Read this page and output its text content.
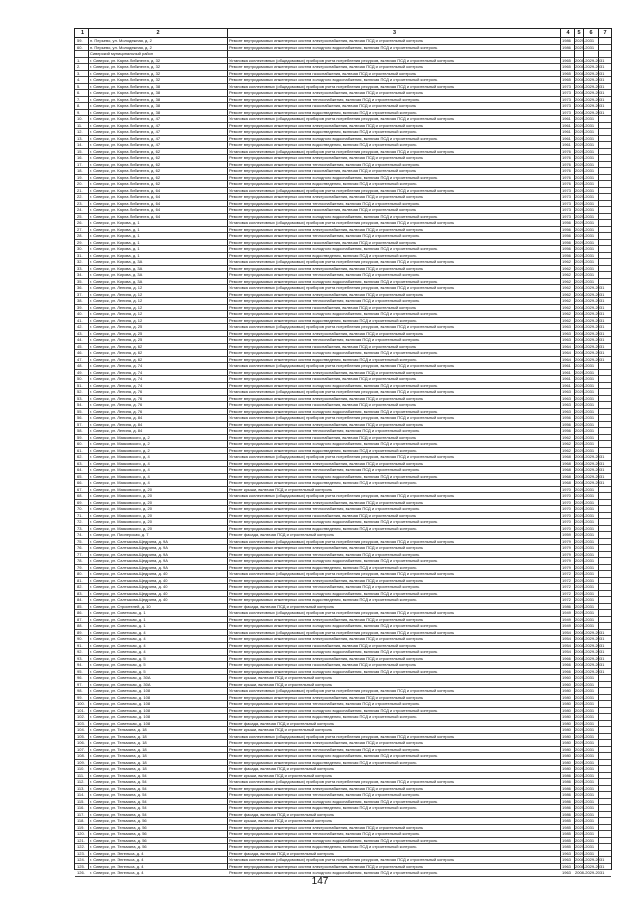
1	2	3	4	5	6	7
59.	п. Перьево, ул. Молодежная, д. 2	Ремонт внутридомовых инженерных систем электроснабжения, включая ПСД и строительный контроль	1986	2029-2031
60.	п. Перьево, ул. Молодежная, д. 2	Ремонт внутридомовых инженерных систем холодного водоснабжения, включая ПСД и строительный контроль	1986	2029-2031
Сиверский муниципальный район
1.	г. Сиверск, ул. Карла Либкнехта, д. 32	Установка коллективных (общедомовых) приборов учета потребления ресурсов, включая ПСД и строительный контроль	1965	2008-2029-2031
2.	г. Сиверск, ул. Карла Либкнехта, д. 32	Ремонт внутридомовых инженерных систем электроснабжения, включая ПСД и строительный контроль	1965	2008-2029-2031
3.	г. Сиверск, ул. Карла Либкнехта, д. 32	Ремонт внутридомовых инженерных систем газоснабжения, включая ПСД и строительный контроль	1965	2008-2029-2031
4.	г. Сиверск, ул. Карла Либкнехта, д. 32	Ремонт внутридомовых инженерных систем холодного водоснабжения, включая ПСД и строительный контроль	1965	2008-2029-2031
5.	г. Сиверск, ул. Карла Либкнехта, д. 38	Установка коллективных (общедомовых) приборов учета потребления ресурсов, включая ПСД и строительный контроль	1973	2008-2029-2031
6.	г. Сиверск, ул. Карла Либкнехта, д. 38	Ремонт внутридомовых инженерных систем электроснабжения, включая ПСД и строительный контроль	1973	2008-2029-2031
7.	г. Сиверск, ул. Карла Либкнехта, д. 38	Ремонт внутридомовых инженерных систем теплоснабжения, включая ПСД и строительный контроль	1973	2008-2029-2031
8.	г. Сиверск, ул. Карла Либкнехта, д. 38	Ремонт внутридомовых инженерных систем газоснабжения, включая ПСД и строительный контроль	1973	2008-2029-2031
9.	г. Сиверск, ул. Карла Либкнехта, д. 38	Ремонт внутридомовых инженерных систем водоотведения, включая ПСД и строительный контроль	1973	2008-2029-2031
10.	г. Сиверск, ул. Карла Либкнехта, д. 47	Установка коллективных (общедомовых) приборов учета потребления ресурсов, включая ПСД и строительный контроль	1961	2029-2031
11.	г. Сиверск, ул. Карла Либкнехта, д. 47	Ремонт внутридомовых инженерных систем электроснабжения, включая ПСД и строительный контроль	1961	2029-2031
12.	г. Сиверск, ул. Карла Либкнехта, д. 47	Ремонт внутридомовых инженерных систем водоотведения, включая ПСД и строительный контроль	1961	2029-2031
13.	г. Сиверск, ул. Карла Либкнехта, д. 47	Ремонт внутридомовых инженерных систем холодного водоснабжения, включая ПСД и строительный контроль	1961	2029-2031
14.	г. Сиверск, ул. Карла Либкнехта, д. 47	Ремонт внутридомовых инженерных систем водоотведения, включая ПСД и строительный контроль	1961	2029-2031
15.	г. Сиверск, ул. Карла Либкнехта, д. 62	Установка коллективных (общедомовых) приборов учета потребления ресурсов, включая ПСД и строительный контроль	1976	2029-2031
16.	г. Сиверск, ул. Карла Либкнехта, д. 62	Ремонт внутридомовых инженерных систем электроснабжения, включая ПСД и строительный контроль	1976	2029-2031
17.	г. Сиверск, ул. Карла Либкнехта, д. 62	Ремонт внутридомовых инженерных систем теплоснабжения, включая ПСД и строительный контроль	1976	2029-2031
18.	г. Сиверск, ул. Карла Либкнехта, д. 62	Ремонт внутридомовых инженерных систем газоснабжения, включая ПСД и строительный контроль	1976	2029-2031
19.	г. Сиверск, ул. Карла Либкнехта, д. 62	Ремонт внутридомовых инженерных систем холодного водоснабжения, включая ПСД и строительный контроль	1976	2029-2031
20.	г. Сиверск, ул. Карла Либкнехта, д. 62	Ремонт внутридомовых инженерных систем водоотведения, включая ПСД и строительный контроль	1976	2029-2031
21.	г. Сиверск, ул. Карла Либкнехта, д. 64	Установка коллективных (общедомовых) приборов учета потребления ресурсов, включая ПСД и строительный контроль	1973	2029-2031
22.	г. Сиверск, ул. Карла Либкнехта, д. 64	Ремонт внутридомовых инженерных систем электроснабжения, включая ПСД и строительный контроль	1973	2029-2031
23.	г. Сиверск, ул. Карла Либкнехта, д. 64	Ремонт внутридомовых инженерных систем теплоснабжения, включая ПСД и строительный контроль	1973	2029-2031
24.	г. Сиверск, ул. Карла Либкнехта, д. 64	Ремонт внутридомовых инженерных систем газоснабжения, включая ПСД и строительный контроль	1973	2029-2031
25.	г. Сиверск, ул. Карла Либкнехта, д. 64	Ремонт внутридомовых инженерных систем холодного водоснабжения, включая ПСД и строительный контроль	1973	2029-2031
26.	г. Сиверск, ул. Кирова, д. 1	Установка коллективных (общедомовых) приборов учета потребления ресурсов, включая ПСД и строительный контроль	1956	2029-2031
27.	г. Сиверск, ул. Кирова, д. 1	Ремонт внутридомовых инженерных систем электроснабжения, включая ПСД и строительный контроль	1956	2029-2031
28.	г. Сиверск, ул. Кирова, д. 1	Ремонт внутридомовых инженерных систем теплоснабжения, включая ПСД и строительный контроль	1956	2029-2031
29.	г. Сиверск, ул. Кирова, д. 1	Ремонт внутридомовых инженерных систем газоснабжения, включая ПСД и строительный контроль	1956	2029-2031
30.	г. Сиверск, ул. Кирова, д. 1	Ремонт внутридомовых инженерных систем холодного водоснабжения, включая ПСД и строительный контроль	1956	2029-2031
31.	г. Сиверск, ул. Кирова, д. 1	Ремонт внутридомовых инженерных систем водоотведения, включая ПСД и строительный контроль	1956	2029-2031
32.	г. Сиверск, ул. Кирова, д. 3А	Установка коллективных (общедомовых) приборов учета потребления ресурсов, включая ПСД и строительный контроль	1962	2029-2031
33.	г. Сиверск, ул. Кирова, д. 3А	Ремонт внутридомовых инженерных систем электроснабжения, включая ПСД и строительный контроль	1962	2029-2031
34.	г. Сиверск, ул. Кирова, д. 3А	Ремонт внутридомовых инженерных систем теплоснабжения, включая ПСД и строительный контроль	1962	2029-2031
35.	г. Сиверск, ул. Кирова, д. 3А	Ремонт внутридомовых инженерных систем холодного водоснабжения, включая ПСД и строительный контроль	1962	2029-2031
36.	г. Сиверск, ул. Ленина, д. 12	Установка коллективных (общедомовых) приборов учета потребления ресурсов, включая ПСД и строительный контроль	1962	2008-2029-2031
37.	г. Сиверск, ул. Ленина, д. 12	Ремонт внутридомовых инженерных систем электроснабжения, включая ПСД и строительный контроль	1962	2008-2029-2031
38.	г. Сиверск, ул. Ленина, д. 12	Ремонт внутридомовых инженерных систем теплоснабжения, включая ПСД и строительный контроль	1962	2008-2029-2031
39.	г. Сиверск, ул. Ленина, д. 12	Ремонт внутридомовых инженерных систем газоснабжения, включая ПСД и строительный контроль	1962	2008-2029-2031
40.	г. Сиверск, ул. Ленина, д. 12	Ремонт внутридомовых инженерных систем холодного водоснабжения, включая ПСД и строительный контроль	1962	2008-2029-2031
41.	г. Сиверск, ул. Ленина, д. 12	Ремонт внутридомовых инженерных систем водоотведения, включая ПСД и строительный контроль	1962	2008-2029-2031
42.	г. Сиверск, ул. Ленина, д. 25	Установка коллективных (общедомовых) приборов учета потребления ресурсов, включая ПСД и строительный контроль	1963	2008-2029-2031
43.	г. Сиверск, ул. Ленина, д. 25	Ремонт внутридомовых инженерных систем электроснабжения, включая ПСД и строительный контроль	1963	2008-2029-2031
44.	г. Сиверск, ул. Ленина, д. 25	Ремонт внутридомовых инженерных систем теплоснабжения, включая ПСД и строительный контроль	1963	2008-2029-2031
45.	г. Сиверск, ул. Ленина, д. 62	Ремонт внутридомовых инженерных систем газоснабжения, включая ПСД и строительный контроль	1964	2008-2029-2031
46.	г. Сиверск, ул. Ленина, д. 62	Ремонт внутридомовых инженерных систем холодного водоснабжения, включая ПСД и строительный контроль	1964	2008-2029-2031
47.	г. Сиверск, ул. Ленина, д. 62	Ремонт внутридомовых инженерных систем водоотведения, включая ПСД и строительный контроль	1964	2008-2029-2031
48.	г. Сиверск, ул. Ленина, д. 74	Установка коллективных (общедомовых) приборов учета потребления ресурсов, включая ПСД и строительный контроль	1961	2029-2031
49.	г. Сиверск, ул. Ленина, д. 74	Ремонт внутридомовых инженерных систем электроснабжения, включая ПСД и строительный контроль	1961	2029-2031
50.	г. Сиверск, ул. Ленина, д. 74	Ремонт внутридомовых инженерных систем газоснабжения, включая ПСД и строительный контроль	1961	2029-2031
51.	г. Сиверск, ул. Ленина, д. 74	Ремонт внутридомовых инженерных систем холодного водоснабжения, включая ПСД и строительный контроль	1961	2029-2031
52.	г. Сиверск, ул. Ленина, д. 76	Установка коллективных (общедомовых) приборов учета потребления ресурсов, включая ПСД и строительный контроль	1963	2029-2031
53.	г. Сиверск, ул. Ленина, д. 76	Ремонт внутридомовых инженерных систем электроснабжения, включая ПСД и строительный контроль	1963	2029-2031
54.	г. Сиверск, ул. Ленина, д. 76	Ремонт внутридомовых инженерных систем газоснабжения, включая ПСД и строительный контроль	1963	2029-2031
55.	г. Сиверск, ул. Ленина, д. 76	Ремонт внутридомовых инженерных систем холодного водоснабжения, включая ПСД и строительный контроль	1963	2029-2031
56.	г. Сиверск, ул. Ленина, д. 84	Установка коллективных (общедомовых) приборов учета потребления ресурсов, включая ПСД и строительный контроль	1956	2029-2031
57.	г. Сиверск, ул. Ленина, д. 84	Ремонт внутридомовых инженерных систем электроснабжения, включая ПСД и строительный контроль	1956	2029-2031
58.	г. Сиверск, ул. Ленина, д. 84	Ремонт внутридомовых инженерных систем теплоснабжения, включая ПСД и строительный контроль	1956	2029-2031
59.	г. Сиверск, ул. Маяковского, д. 2	Ремонт внутридомовых инженерных систем газоснабжения, включая ПСД и строительный контроль	1962	2029-2031
60.	г. Сиверск, ул. Маяковского, д. 2	Ремонт внутридомовых инженерных систем холодного водоснабжения, включая ПСД и строительный контроль	1962	2029-2031
61.	г. Сиверск, ул. Маяковского, д. 2	Ремонт внутридомовых инженерных систем водоотведения, включая ПСД и строительный контроль	1962	2029-2031
62.	г. Сиверск, ул. Маяковского, д. 4	Установка коллективных (общедомовых) приборов учета потребления ресурсов, включая ПСД и строительный контроль	1968	2008-2029-2031
63.	г. Сиверск, ул. Маяковского, д. 4	Ремонт внутридомовых инженерных систем электроснабжения, включая ПСД и строительный контроль	1968	2008-2029-2031
64.	г. Сиверск, ул. Маяковского, д. 4	Ремонт внутридомовых инженерных систем теплоснабжения, включая ПСД и строительный контроль	1968	2008-2029-2031
65.	г. Сиверск, ул. Маяковского, д. 4	Ремонт внутридомовых инженерных систем холодного водоснабжения, включая ПСД и строительный контроль	1968	2008-2029-2031
66.	г. Сиверск, ул. Маяковского, д. 4	Ремонт внутридомовых инженерных систем водоотведения, включая ПСД и строительный контроль	1968	2008-2029-2031
67.	г. Сиверск, ул. Маяковского, д. 20	Ремонт крыши, включая ПСД и строительный контроль	1970	2029-2031
68.	г. Сиверск, ул. Маяковского, д. 20	Установка коллективных (общедомовых) приборов учета потребления ресурсов, включая ПСД и строительный контроль	1970	2029-2031
69.	г. Сиверск, ул. Маяковского, д. 20	Ремонт внутридомовых инженерных систем электроснабжения, включая ПСД и строительный контроль	1970	2029-2031
70.	г. Сиверск, ул. Маяковского, д. 20	Ремонт внутридомовых инженерных систем теплоснабжения, включая ПСД и строительный контроль	1970	2029-2031
71.	г. Сиверск, ул. Маяковского, д. 20	Ремонт внутридомовых инженерных систем газоснабжения, включая ПСД и строительный контроль	1970	2029-2031
72.	г. Сиверск, ул. Маяковского, д. 20	Ремонт внутридомовых инженерных систем холодного водоснабжения, включая ПСД и строительный контроль	1970	2029-2031
73.	г. Сиверск, ул. Маяковского, д. 20	Ремонт внутридомовых инженерных систем водоотведения, включая ПСД и строительный контроль	1970	2029-2031
74.	г. Сиверск, ул. Пионерская, д. 7	Ремонт фасада, включая ПСД и строительный контроль	1959	2029-2031
75.	г. Сиверск, ул. Салтыкова-Щедрина, д. 9А	Установка коллективных (общедомовых) приборов учета потребления ресурсов, включая ПСД и строительный контроль	1979	2029-2031
76.	г. Сиверск, ул. Салтыкова-Щедрина, д. 9А	Ремонт внутридомовых инженерных систем электроснабжения, включая ПСД и строительный контроль	1979	2029-2031
77.	г. Сиверск, ул. Салтыкова-Щедрина, д. 9А	Ремонт внутридомовых инженерных систем теплоснабжения, включая ПСД и строительный контроль	1979	2029-2031
78.	г. Сиверск, ул. Салтыкова-Щедрина, д. 9А	Ремонт внутридомовых инженерных систем холодного водоснабжения, включая ПСД и строительный контроль	1979	2029-2031
79.	г. Сиверск, ул. Салтыкова-Щедрина, д. 9А	Ремонт внутридомовых инженерных систем водоотведения, включая ПСД и строительный контроль	1979	2029-2031
80.	г. Сиверск, ул. Салтыкова-Щедрина, д. 40	Установка коллективных (общедомовых) приборов учета потребления ресурсов, включая ПСД и строительный контроль	1972	2029-2031
81.	г. Сиверск, ул. Салтыкова-Щедрина, д. 40	Ремонт внутридомовых инженерных систем электроснабжения, включая ПСД и строительный контроль	1972	2029-2031
82.	г. Сиверск, ул. Салтыкова-Щедрина, д. 40	Ремонт внутридомовых инженерных систем теплоснабжения, включая ПСД и строительный контроль	1972	2029-2031
83.	г. Сиверск, ул. Салтыкова-Щедрина, д. 40	Ремонт внутридомовых инженерных систем холодного водоснабжения, включая ПСД и строительный контроль	1972	2029-2031
84.	г. Сиверск, ул. Салтыкова-Щедрина, д. 40	Ремонт внутридомовых инженерных систем водоотведения, включая ПСД и строительный контроль	1972	2029-2031
85.	г. Сиверск, ул. Строителей, д. 10	Ремонт фасада, включая ПСД и строительный контроль	1986	2029-2031
86.	г. Сиверск, ул. Советская, д. 1	Установка коллективных (общедомовых) приборов учета потребления ресурсов, включая ПСД и строительный контроль	1949	2029-2031
87.	г. Сиверск, ул. Советская, д. 1	Ремонт внутридомовых инженерных систем электроснабжения, включая ПСД и строительный контроль	1949	2029-2031
88.	г. Сиверск, ул. Советская, д. 1	Ремонт внутридомовых инженерных систем холодного водоснабжения, включая ПСД и строительный контроль	1949	2029-2031
89.	г. Сиверск, ул. Советская, д. 4	Установка коллективных (общедомовых) приборов учета потребления ресурсов, включая ПСД и строительный контроль	1954	2008-2029-2031
90.	г. Сиверск, ул. Советская, д. 4	Ремонт внутридомовых инженерных систем электроснабжения, включая ПСД и строительный контроль	1954	2008-2029-2031
91.	г. Сиверск, ул. Советская, д. 4	Ремонт внутридомовых инженерных систем газоснабжения, включая ПСД и строительный контроль	1954	2008-2029-2031
92.	г. Сиверск, ул. Советская, д. 4	Ремонт внутридомовых инженерных систем холодного водоснабжения, включая ПСД и строительный контроль	1954	2008-2029-2031
93.	г. Сиверск, ул. Советская, д. 5	Ремонт внутридомовых инженерных систем электроснабжения, включая ПСД и строительный контроль	1966	2008-2029-2031
94.	г. Сиверск, ул. Советская, д. 5	Ремонт внутридомовых инженерных систем газоснабжения, включая ПСД и строительный контроль	1966	2008-2029-2031
95.	г. Сиверск, ул. Советская, д. 5	Ремонт внутридомовых инженерных систем холодного водоснабжения, включая ПСД и строительный контроль	1966	2008-2029-2031
96.	г. Сиверск, ул. Советская, д. 30А	Ремонт крыши, включая ПСД и строительный контроль	1960	2029-2031
97.	г. Сиверск, ул. Советская, д. 30А	Ремонт крыши, включая ПСД и строительный контроль	1960	2029-2031
98.	г. Сиверск, ул. Советская, д. 108	Установка коллективных (общедомовых) приборов учета потребления ресурсов, включая ПСД и строительный контроль	1980	2029-2031
99.	г. Сиверск, ул. Советская, д. 108	Ремонт внутридомовых инженерных систем электроснабжения, включая ПСД и строительный контроль	1980	2029-2031
100.	г. Сиверск, ул. Советская, д. 108	Ремонт внутридомовых инженерных систем теплоснабжения, включая ПСД и строительный контроль	1980	2029-2031
101.	г. Сиверск, ул. Советская, д. 108	Ремонт внутридомовых инженерных систем холодного водоснабжения, включая ПСД и строительный контроль	1980	2029-2031
102.	г. Сиверск, ул. Советская, д. 108	Ремонт внутридомовых инженерных систем водоотведения, включая ПСД и строительный контроль	1980	2029-2031
103.	г. Сиверск, ул. Советская, д. 108	Ремонт фасада, включая ПСД и строительный контроль	1980	2029-2031
104.	г. Сиверск, ул. Тельмана, д. 18	Ремонт крыши, включая ПСД и строительный контроль	1980	2029-2031
105.	г. Сиверск, ул. Тельмана, д. 18	Установка коллективных (общедомовых) приборов учета потребления ресурсов, включая ПСД и строительный контроль	1980	2029-2031
106.	г. Сиверск, ул. Тельмана, д. 18	Ремонт внутридомовых инженерных систем электроснабжения, включая ПСД и строительный контроль	1980	2029-2031
107.	г. Сиверск, ул. Тельмана, д. 18	Ремонт внутридомовых инженерных систем теплоснабжения, включая ПСД и строительный контроль	1980	2029-2031
108.	г. Сиверск, ул. Тельмана, д. 18	Ремонт внутридомовых инженерных систем холодного водоснабжения, включая ПСД и строительный контроль	1980	2029-2031
109.	г. Сиверск, ул. Тельмана, д. 18	Ремонт внутридомовых инженерных систем водоотведения, включая ПСД и строительный контроль	1980	2029-2031
110.	г. Сиверск, ул. Тельмана, д. 18	Ремонт фасада, включая ПСД и строительный контроль	1980	2029-2031
111.	г. Сиверск, ул. Тельмана, д. 54	Ремонт крыши, включая ПСД и строительный контроль	1986	2029-2031
112.	г. Сиверск, ул. Тельмана, д. 54	Установка коллективных (общедомовых) приборов учета потребления ресурсов, включая ПСД и строительный контроль	1986	2029-2031
113.	г. Сиверск, ул. Тельмана, д. 54	Ремонт внутридомовых инженерных систем электроснабжения, включая ПСД и строительный контроль	1986	2029-2031
114.	г. Сиверск, ул. Тельмана, д. 54	Ремонт внутридомовых инженерных систем теплоснабжения, включая ПСД и строительный контроль	1986	2029-2031
115.	г. Сиверск, ул. Тельмана, д. 54	Ремонт внутридомовых инженерных систем холодного водоснабжения, включая ПСД и строительный контроль	1986	2029-2031
116.	г. Сиверск, ул. Тельмана, д. 54	Ремонт внутридомовых инженерных систем водоотведения, включая ПСД и строительный контроль	1986	2029-2031
117.	г. Сиверск, ул. Тельмана, д. 54	Ремонт фасада, включая ПСД и строительный контроль	1986	2029-2031
118.	г. Сиверск, ул. Тельмана, д. 56	Ремонт крыши, включая ПСД и строительный контроль	1985	2029-2031
119.	г. Сиверск, ул. Тельмана, д. 56	Ремонт внутридомовых инженерных систем электроснабжения, включая ПСД и строительный контроль	1985	2029-2031
120.	г. Сиверск, ул. Тельмана, д. 56	Ремонт внутридомовых инженерных систем теплоснабжения, включая ПСД и строительный контроль	1985	2029-2031
121.	г. Сиверск, ул. Тельмана, д. 56	Ремонт внутридомовых инженерных систем холодного водоснабжения, включая ПСД и строительный контроль	1985	2029-2031
122.	г. Сиверск, ул. Тельмана, д. 56	Ремонт внутридомовых инженерных систем водоотведения, включая ПСД и строительный контроль	1985	2029-2031
123.	г. Сиверск, ул. Энгельса, д. 4	Ремонт фасада, включая ПСД и строительный контроль	1963	2029-2031
124.	г. Сиверск, ул. Энгельса, д. 4	Установка коллективных (общедомовых) приборов учета потребления ресурсов, включая ПСД и строительный контроль	1963	2008-2029-2031
125.	г. Сиверск, ул. Энгельса, д. 4	Ремонт внутридомовых инженерных систем электроснабжения, включая ПСД и строительный контроль	1963	2008-2029-2031
126.	г. Сиверск, ул. Энгельса, д. 4	Ремонт внутридомовых инженерных систем холодного водоснабжения, включая ПСД и строительный контроль	1963	2008-2029-2031
147
